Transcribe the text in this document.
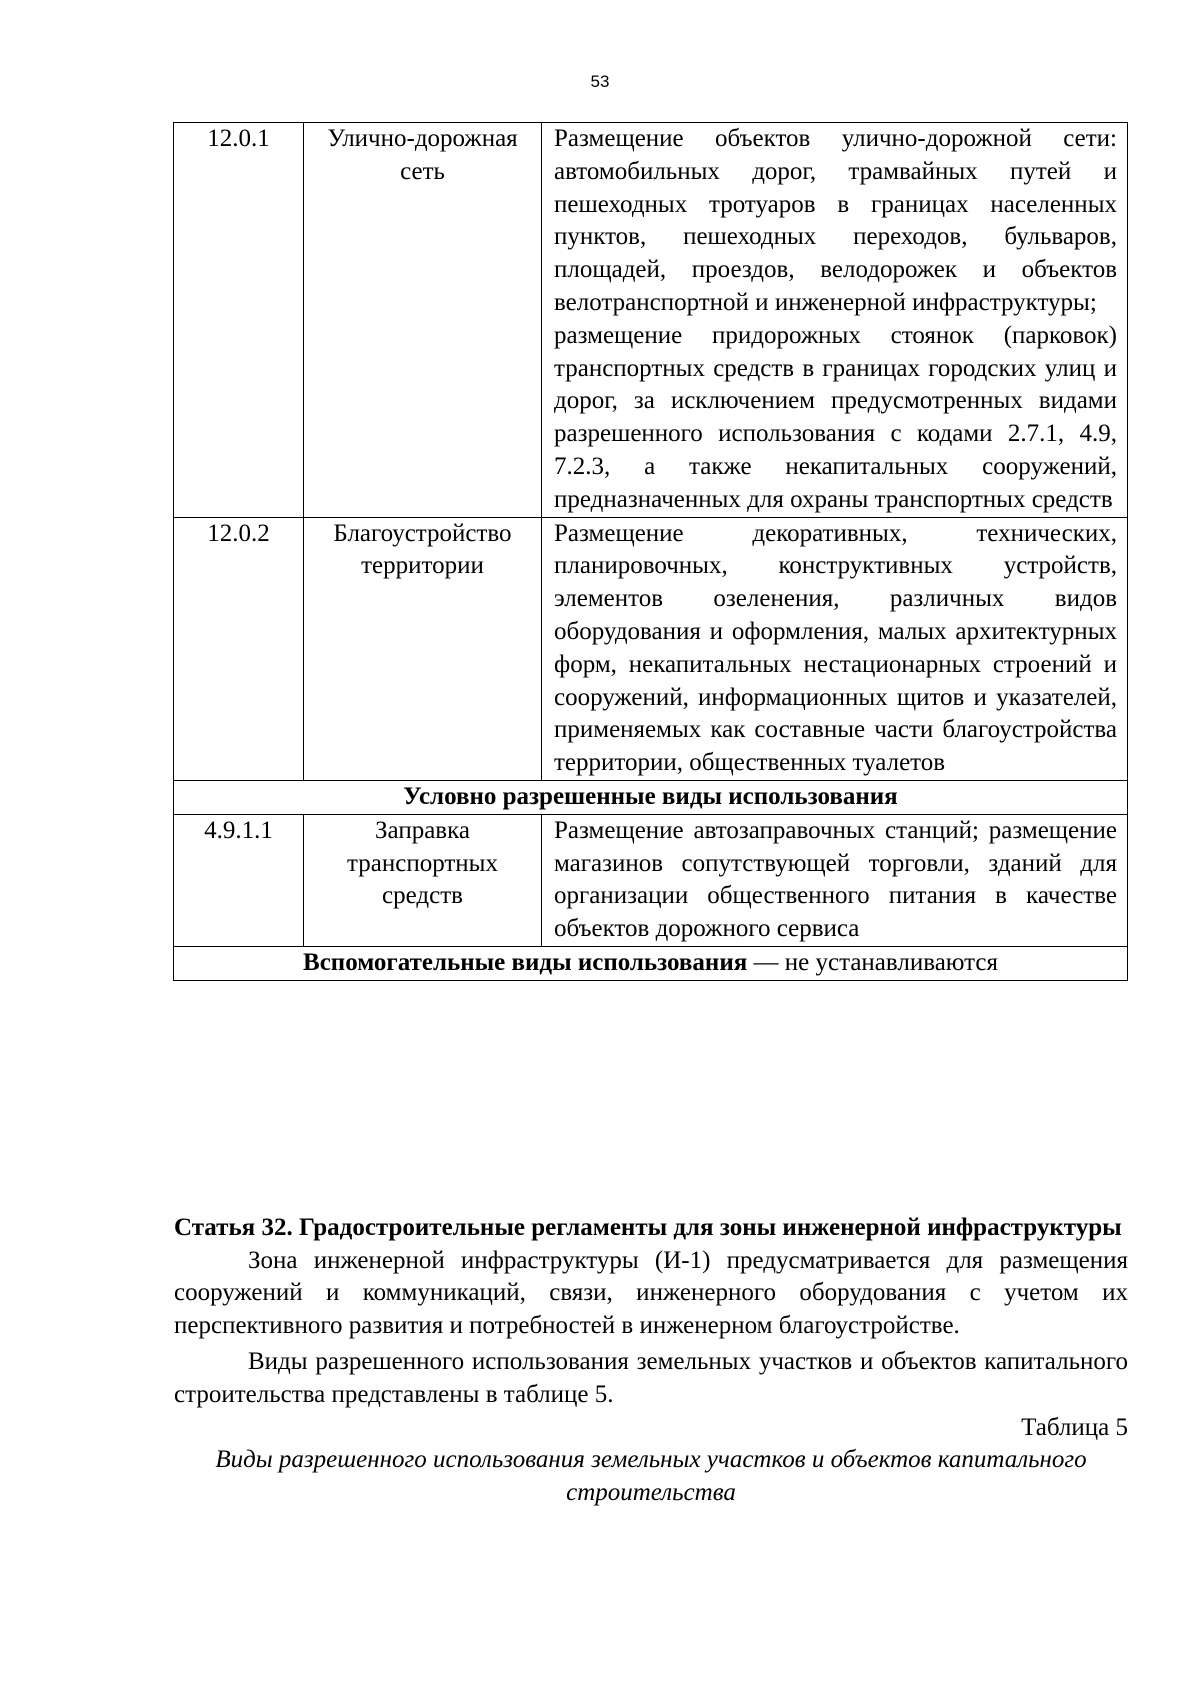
53
12.0.1	Улично-дорожная сеть	Размещение объектов улично-дорожной сети: автомобильных дорог, трамвайных путей и пешеходных тротуаров в границах населенных пунктов, пешеходных переходов, бульваров, площадей, проездов, велодорожек и объектов велотранспортной и инженерной инфраструктуры;

размещение придорожных стоянок (парковок) транспортных средств в границах городских улиц и дорог, за исключением предусмотренных видами разрешенного использования с кодами 2.7.1, 4.9, 7.2.3, а также некапитальных сооружений, предназначенных для охраны транспортных средств

12.0.2	Благоустройство территории	Размещение декоративных, технических, планировочных, конструктивных устройств, элементов озеленения, различных видов оборудования и оформления, малых архитектурных форм, некапитальных нестационарных строений и сооружений, информационных щитов и указателей, применяемых как составные части благоустройства территории, общественных туалетов

Условно разрешенные виды использования		
4.9.1.1	Заправка транспортных средств	Размещение автозаправочных станций; размещение магазинов сопутствующей торговли, зданий для организации общественного питания в качестве объектов дорожного сервиса

Вспомогательные виды использования — не устанавливаются		

Статья 32. Градостроительные регламенты для зоны инженерной инфраструктуры

Зона инженерной инфраструктуры (И-1) предусматривается для размещения сооружений и коммуникаций, связи, инженерного оборудования с учетом их перспективного развития и потребностей в инженерном благоустройстве.

Виды разрешенного использования земельных участков и объектов капитального строительства представлены в таблице 5.

Таблица 5

Виды разрешенного использования земельных участков и объектов капитального строительства
